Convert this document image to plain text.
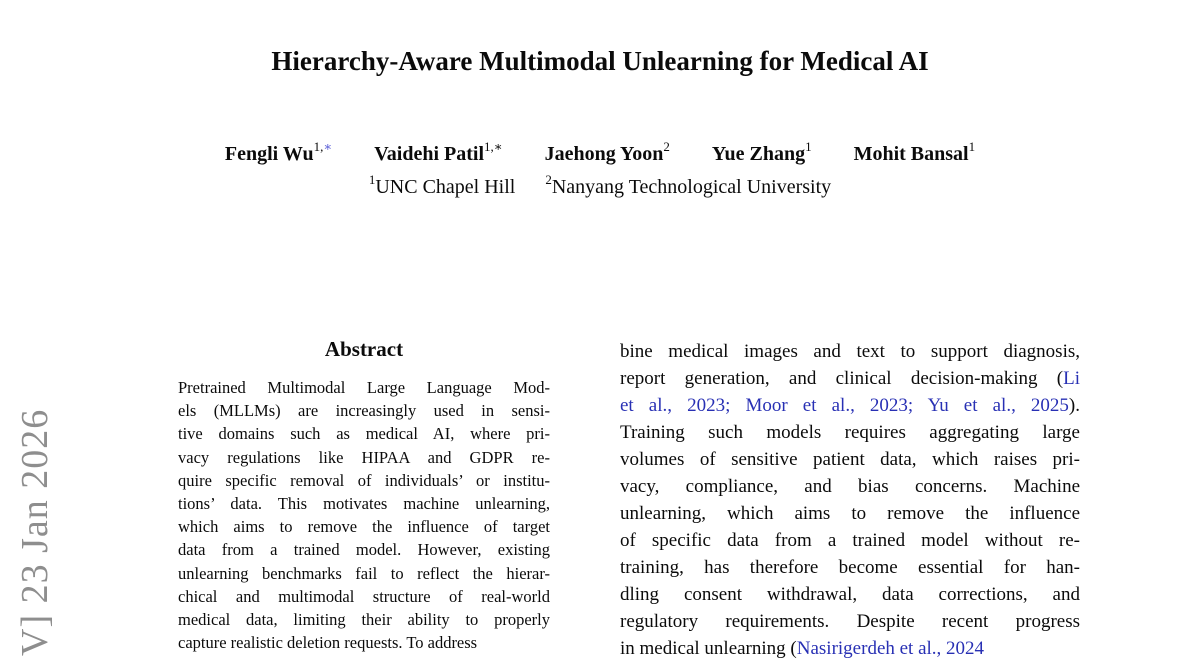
V] 23 Jan 2026
Hierarchy-Aware Multimodal Unlearning for Medical AI
Fengli $Wu^{1,∗}$ Vaidehi Patil$^{1,∗}$ Jaehong Yoon$^2$ Yue Zhang$^1$ Mohit Bansal$^1$
$^1$UNC Chapel Hill $^2$Nanyang Technological University
Abstract
Pretrained Multimodal Large Language Mod-
els (MLLMs) are increasingly used in sensi-
tive domains such as medical AI, where pri-
vacy regulations like HIPAA and GDPR re-
quire specific removal of individuals’ or institu-
tions’ data. This motivates machine unlearning,
which aims to remove the influence of target
data from a trained model. However, existing
unlearning benchmarks fail to reflect the hierar-
chical and multimodal structure of real-world
medical data, limiting their ability to properly
capture realistic deletion requests. To address
bine medical images and text to support diagnosis,
report generation, and clinical decision-making (Li
et al., 2023; Moor et al., 2023; Yu et al., 2025).
Training such models requires aggregating large
volumes of sensitive patient data, which raises pri-
vacy, compliance, and bias concerns. Machine
unlearning, which aims to remove the influence
of specific data from a trained model without re-
training, has therefore become essential for han-
dling consent withdrawal, data corrections, and
regulatory requirements. Despite recent progress
in medical unlearning (Nasirigerdeh et al., 2024
